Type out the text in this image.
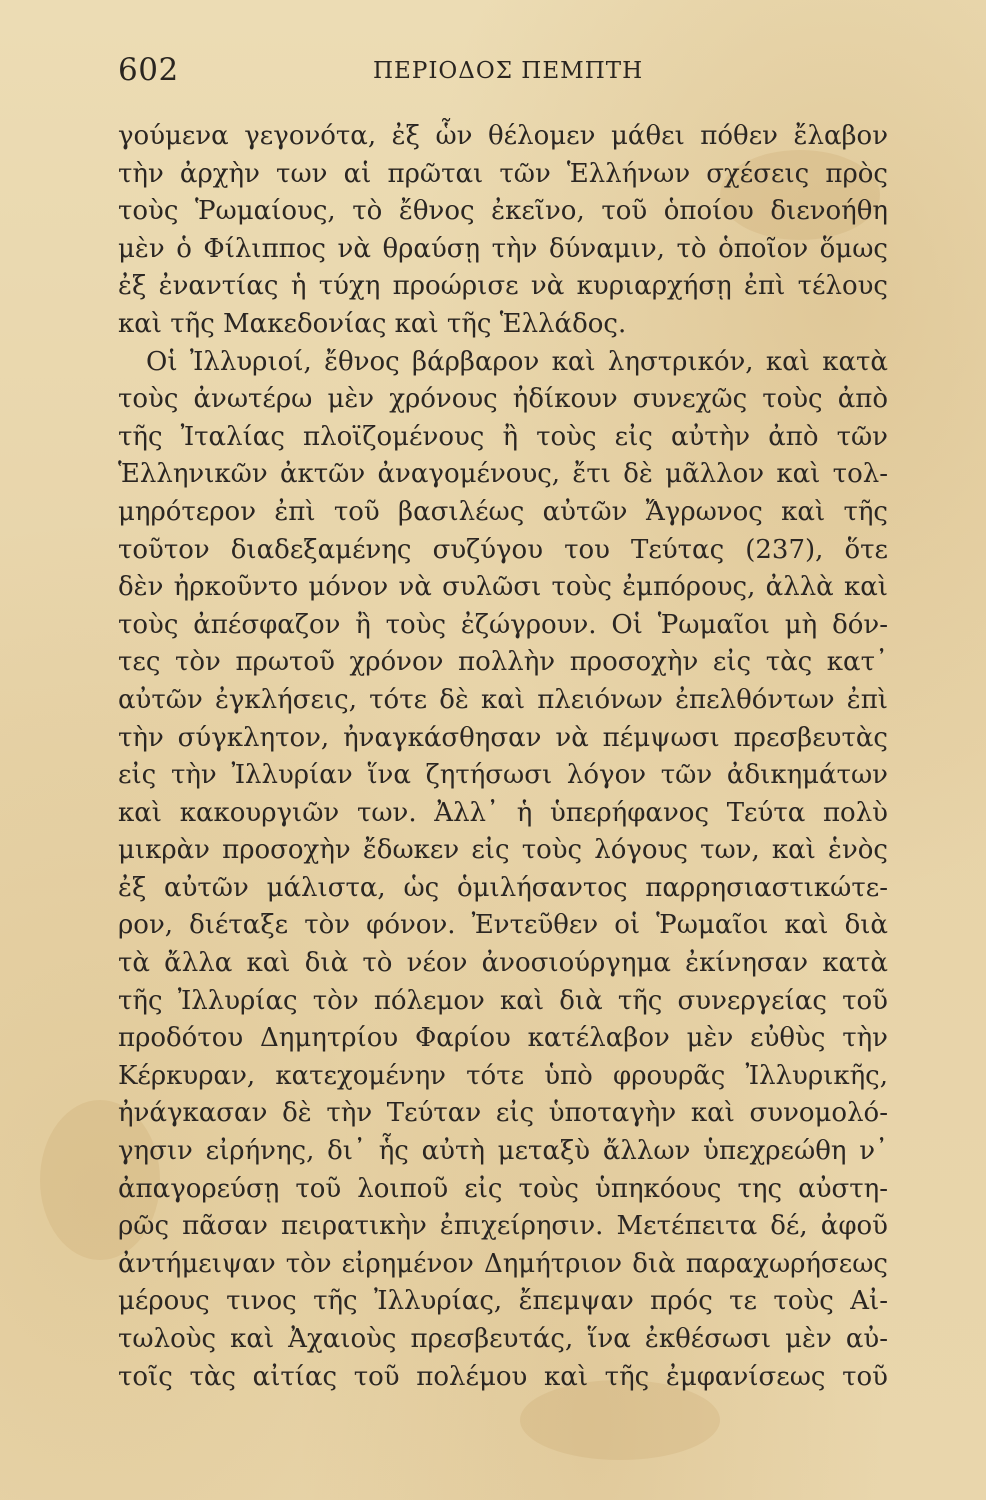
602	ΠΕΡΙΟΔΟΣ ΠΕΜΠΤΗ
γούμενα γεγονότα, ἐξ ὧν θέλομεν μάθει πόθεν ἔλαβον
τὴν ἀρχὴν των αἱ πρῶται τῶν Ἑλλήνων σχέσεις πρὸς
τοὺς Ῥωμαίους, τὸ ἔθνος ἐκεῖνο, τοῦ ὁποίου διενοήθη
μὲν ὁ Φίλιππος νὰ θραύσῃ τὴν δύναμιν, τὸ ὁποῖον ὅμως
ἐξ ἐναντίας ἡ τύχη προώρισε νὰ κυριαρχήσῃ ἐπὶ τέλους
καὶ τῆς Μακεδονίας καὶ τῆς Ἑλλάδος.
Οἱ Ἰλλυριοί, ἔθνος βάρβαρον καὶ ληστρικόν, καὶ κατὰ
τοὺς ἀνωτέρω μὲν χρόνους ἠδίκουν συνεχῶς τοὺς ἀπὸ
τῆς Ἰταλίας πλοϊζομένους ἢ τοὺς εἰς αὐτὴν ἀπὸ τῶν
Ἑλληνικῶν ἀκτῶν ἀναγομένους, ἔτι δὲ μᾶλλον καὶ τολ-
μηρότερον ἐπὶ τοῦ βασιλέως αὐτῶν Ἄγρωνος καὶ τῆς
τοῦτον διαδεξαμένης συζύγου του Τεύτας (237), ὅτε
δὲν ἠρκοῦντο μόνον νὰ συλῶσι τοὺς ἐμπόρους, ἀλλὰ καὶ
τοὺς ἀπέσφαζον ἢ τοὺς ἐζώγρουν. Οἱ Ῥωμαῖοι μὴ δόν-
τες τὸν πρωτοῦ χρόνον πολλὴν προσοχὴν εἰς τὰς κατ᾽
αὐτῶν ἐγκλήσεις, τότε δὲ καὶ πλειόνων ἐπελθόντων ἐπὶ
τὴν σύγκλητον, ἠναγκάσθησαν νὰ πέμψωσι πρεσβευτὰς
εἰς τὴν Ἰλλυρίαν ἵνα ζητήσωσι λόγον τῶν ἀδικημάτων
καὶ κακουργιῶν των. Ἀλλ᾽ ἡ ὑπερήφανος Τεύτα πολὺ
μικρὰν προσοχὴν ἔδωκεν εἰς τοὺς λόγους των, καὶ ἑνὸς
ἐξ αὐτῶν μάλιστα, ὡς ὁμιλήσαντος παρρησιαστικώτε-
ρον, διέταξε τὸν φόνον. Ἐντεῦθεν οἱ Ῥωμαῖοι καὶ διὰ
τὰ ἄλλα καὶ διὰ τὸ νέον ἀνοσιούργημα ἐκίνησαν κατὰ
τῆς Ἰλλυρίας τὸν πόλεμον καὶ διὰ τῆς συνεργείας τοῦ
προδότου Δημητρίου Φαρίου κατέλαβον μὲν εὐθὺς τὴν
Κέρκυραν, κατεχομένην τότε ὑπὸ φρουρᾶς Ἰλλυρικῆς,
ἠνάγκασαν δὲ τὴν Τεύταν εἰς ὑποταγὴν καὶ συνομολό-
γησιν εἰρήνης, δι᾽ ἧς αὐτὴ μεταξὺ ἄλλων ὑπεχρεώθη ν᾽
ἀπαγορεύσῃ τοῦ λοιποῦ εἰς τοὺς ὑπηκόους της αὐστη-
ρῶς πᾶσαν πειρατικὴν ἐπιχείρησιν. Μετέπειτα δέ, ἀφοῦ
ἀντήμειψαν τὸν εἰρημένον Δημήτριον διὰ παραχωρήσεως
μέρους τινος τῆς Ἰλλυρίας, ἔπεμψαν πρός τε τοὺς Αἰ-
τωλοὺς καὶ Ἀχαιοὺς πρεσβευτάς, ἵνα ἐκθέσωσι μὲν αὐ-
τοῖς τὰς αἰτίας τοῦ πολέμου καὶ τῆς ἐμφανίσεως τοῦ
